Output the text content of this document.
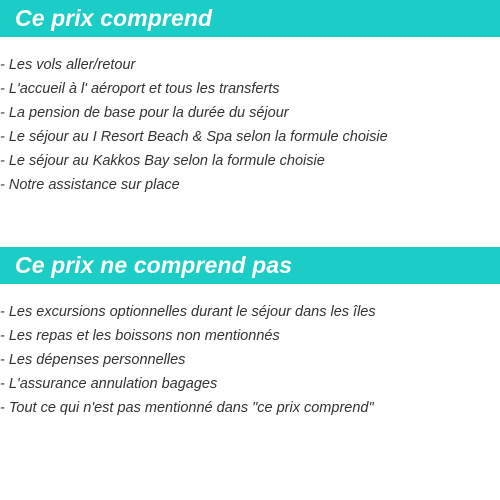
Ce prix comprend
- Les vols aller/retour
- L'accueil à l' aéroport et tous les transferts
- La pension de base pour la durée du séjour
- Le séjour au I Resort Beach & Spa selon la formule choisie
- Le séjour au Kakkos Bay selon la formule choisie
- Notre assistance sur place
Ce prix ne comprend pas
- Les excursions optionnelles durant le séjour dans les îles
- Les repas et les boissons non mentionnés
- Les dépenses personnelles
- L'assurance annulation bagages
- Tout ce qui n'est pas mentionné dans "ce prix comprend"
